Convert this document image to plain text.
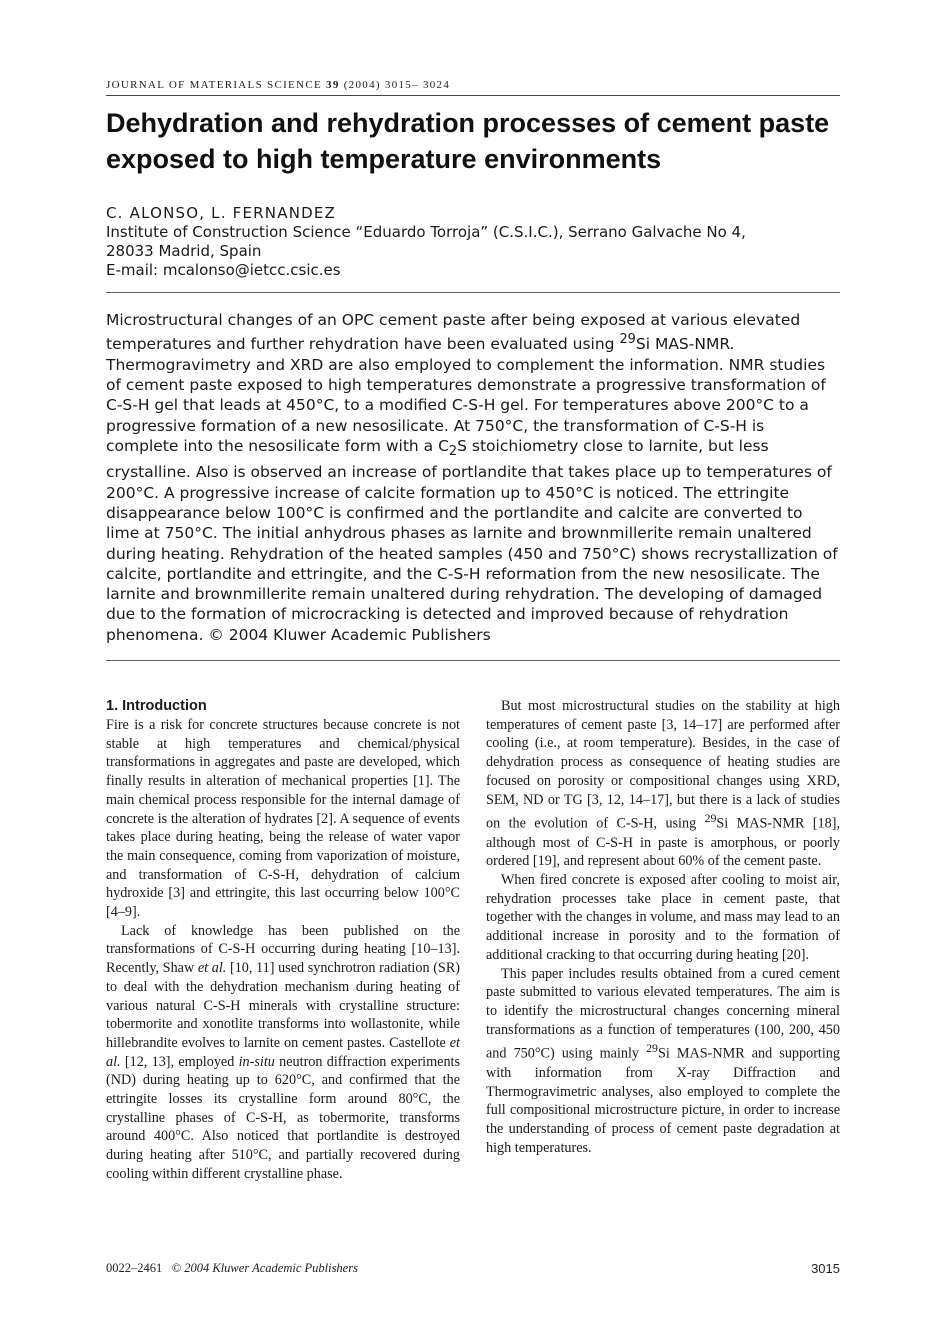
JOURNAL OF MATERIALS SCIENCE 39 (2004) 3015– 3024

Dehydration and rehydration processes of cement paste exposed to high temperature environments
C. ALONSO, L. FERNANDEZ
Institute of Construction Science “Eduardo Torroja” (C.S.I.C.), Serrano Galvache No 4,
28033 Madrid, Spain
E-mail: mcalonso@ietcc.csic.es

Microstructural changes of an OPC cement paste after being exposed at various elevated temperatures and further rehydration have been evaluated using $^{29}$Si MAS-NMR. Thermogravimetry and XRD are also employed to complement the information. NMR studies of cement paste exposed to high temperatures demonstrate a progressive transformation of C-S-H gel that leads at 450°C, to a modified C-S-H gel. For temperatures above 200°C to a progressive formation of a new nesosilicate. At 750°C, the transformation of C-S-H is complete into the nesosilicate form with a $C_2S$ stoichiometry close to larnite, but less crystalline. Also is observed an increase of portlandite that takes place up to temperatures of 200°C. A progressive increase of calcite formation up to 450°C is noticed. The ettringite disappearance below 100°C is confirmed and the portlandite and calcite are converted to lime at 750°C. The initial anhydrous phases as larnite and brownmillerite remain unaltered during heating. Rehydration of the heated samples (450 and 750°C) shows recrystallization of calcite, portlandite and ettringite, and the C-S-H reformation from the new nesosilicate. The larnite and brownmillerite remain unaltered during rehydration. The developing of damaged due to the formation of microcracking is detected and improved because of rehydration phenomena. © 2004 Kluwer Academic Publishers

1. Introduction

Fire is a risk for concrete structures because concrete is not stable at high temperatures and chemical/physical transformations in aggregates and paste are developed, which finally results in alteration of mechanical properties [1]. The main chemical process responsible for the internal damage of concrete is the alteration of hydrates [2]. A sequence of events takes place during heating, being the release of water vapor the main consequence, coming from vaporization of moisture, and transformation of C-S-H, dehydration of calcium hydroxide [3] and ettringite, this last occurring below 100°C [4–9].

Lack of knowledge has been published on the transformations of C-S-H occurring during heating [10–13]. Recently, Shaw et al. [10, 11] used synchrotron radiation (SR) to deal with the dehydration mechanism during heating of various natural C-S-H minerals with crystalline structure: tobermorite and xonotlite transforms into wollastonite, while hillebrandite evolves to larnite on cement pastes. Castellote et al. [12, 13], employed in-situ neutron diffraction experiments (ND) during heating up to 620°C, and confirmed that the ettringite losses its crystalline form around 80°C, the crystalline phases of C-S-H, as tobermorite, transforms around 400°C. Also noticed that portlandite is destroyed during heating after 510°C, and partially recovered during cooling within different crystalline phase.

But most microstructural studies on the stability at high temperatures of cement paste [3, 14–17] are performed after cooling (i.e., at room temperature). Besides, in the case of dehydration process as consequence of heating studies are focused on porosity or compositional changes using XRD, SEM, ND or TG [3, 12, 14–17], but there is a lack of studies on the evolution of C-S-H, using $^{29}$Si MAS-NMR [18], although most of C-S-H in paste is amorphous, or poorly ordered [19], and represent about 60% of the cement paste.

When fired concrete is exposed after cooling to moist air, rehydration processes take place in cement paste, that together with the changes in volume, and mass may lead to an additional increase in porosity and to the formation of additional cracking to that occurring during heating [20].

This paper includes results obtained from a cured cement paste submitted to various elevated temperatures. The aim is to identify the microstructural changes concerning mineral transformations as a function of temperatures (100, 200, 450 and 750°C) using mainly $^{29}$Si MAS-NMR and supporting with information from X-ray Diffraction and Thermogravimetric analyses, also employed to complete the full compositional microstructure picture, in order to increase the understanding of process of cement paste degradation at high temperatures.

0022–2461 © 2004 Kluwer Academic Publishers	3015
